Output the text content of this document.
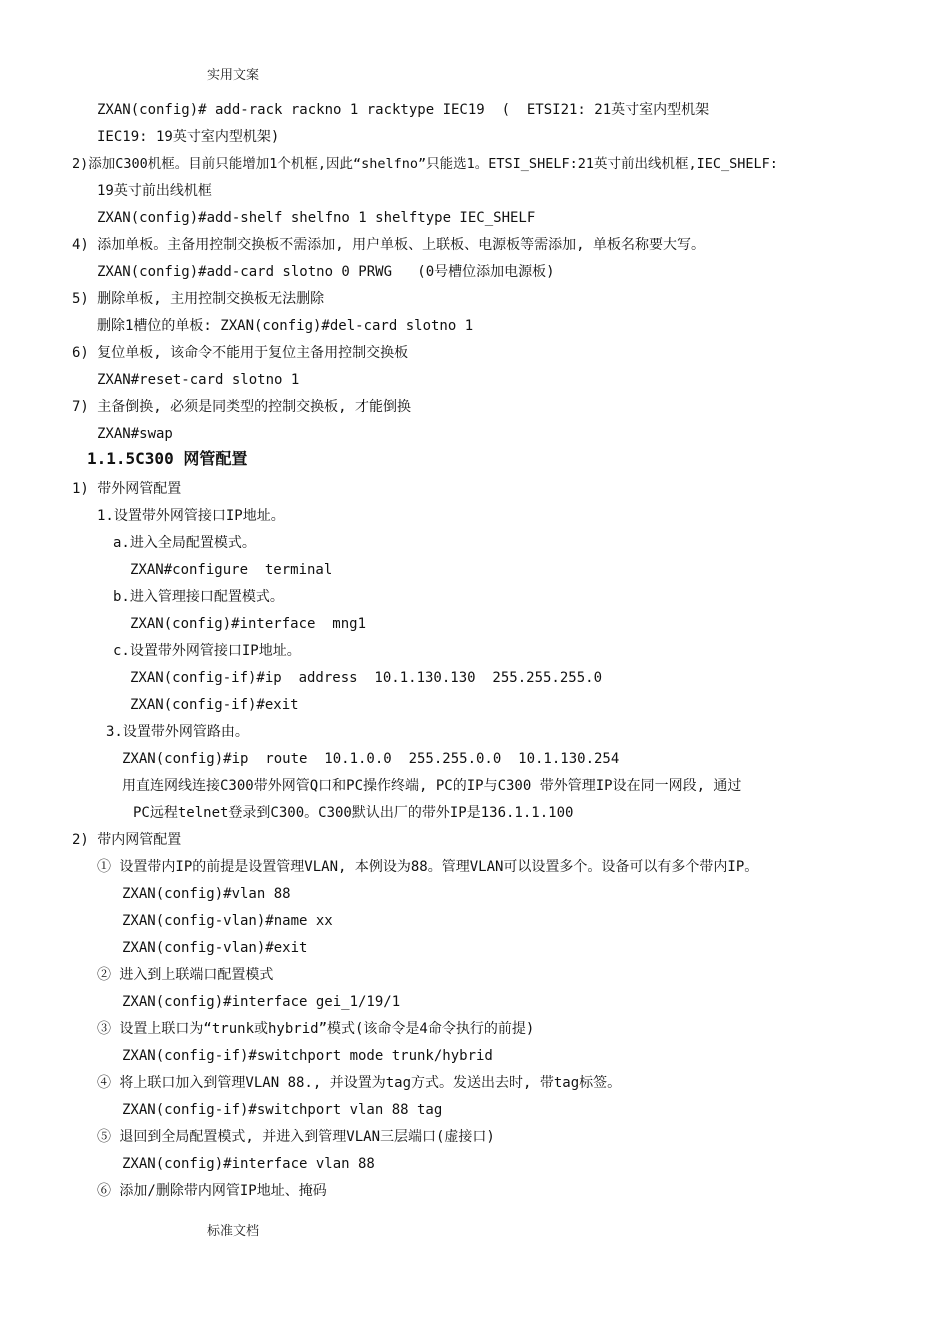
实用文案
ZXAN(config)# add-rack rackno 1 racktype IEC19  (  ETSI21: 21英寸室内型机架
IEC19: 19英寸室内型机架)
2)添加C300机框。目前只能增加1个机框,因此“shelfno”只能选1。ETSI_SHELF:21英寸前出线机框,IEC_SHELF:
19英寸前出线机框
ZXAN(config)#add-shelf shelfno 1 shelftype IEC_SHELF
4) 添加单板。主备用控制交换板不需添加, 用户单板、上联板、电源板等需添加, 单板名称要大写。
ZXAN(config)#add-card slotno 0 PRWG   (0号槽位添加电源板)
5) 删除单板, 主用控制交换板无法删除
删除1槽位的单板: ZXAN(config)#del-card slotno 1
6) 复位单板, 该命令不能用于复位主备用控制交换板
ZXAN#reset-card slotno 1
7) 主备倒换, 必须是同类型的控制交换板, 才能倒换
ZXAN#swap
1.1.5C300 网管配置
1) 带外网管配置
1.设置带外网管接口IP地址。
a.进入全局配置模式。
ZXAN#configure  terminal
b.进入管理接口配置模式。
ZXAN(config)#interface  mng1
c.设置带外网管接口IP地址。
ZXAN(config-if)#ip  address  10.1.130.130  255.255.255.0
ZXAN(config-if)#exit
3.设置带外网管路由。
ZXAN(config)#ip  route  10.1.0.0  255.255.0.0  10.1.130.254
用直连网线连接C300带外网管Q口和PC操作终端, PC的IP与C300 带外管理IP设在同一网段, 通过
PC远程telnet登录到C300。C300默认出厂的带外IP是136.1.1.100
2) 带内网管配置
① 设置带内IP的前提是设置管理VLAN, 本例设为88。管理VLAN可以设置多个。设备可以有多个带内IP。
ZXAN(config)#vlan 88
ZXAN(config-vlan)#name xx
ZXAN(config-vlan)#exit
② 进入到上联端口配置模式
ZXAN(config)#interface gei_1/19/1
③ 设置上联口为“trunk或hybrid”模式(该命令是4命令执行的前提)
ZXAN(config-if)#switchport mode trunk/hybrid
④ 将上联口加入到管理VLAN 88., 并设置为tag方式。发送出去时, 带tag标签。
ZXAN(config-if)#switchport vlan 88 tag
⑤ 退回到全局配置模式, 并进入到管理VLAN三层端口(虚接口)
ZXAN(config)#interface vlan 88
⑥ 添加/删除带内网管IP地址、掩码
标准文档
